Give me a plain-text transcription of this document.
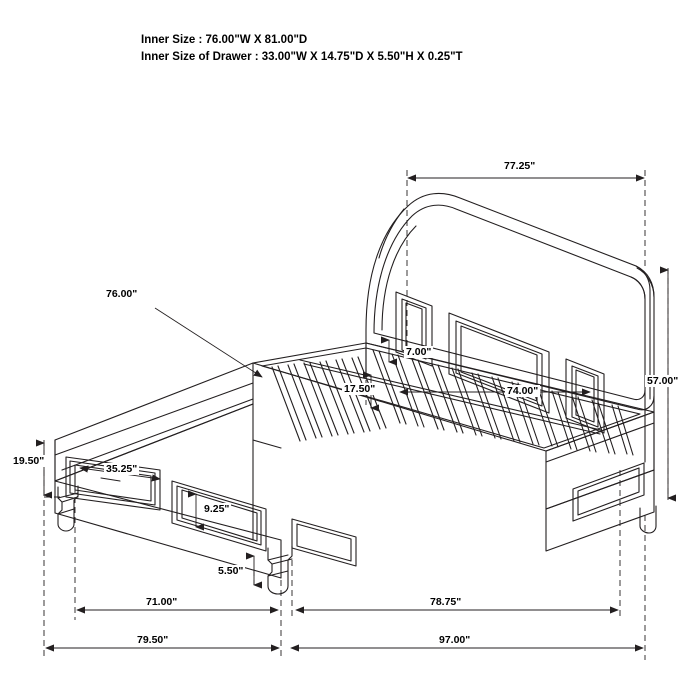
Inner Size : 76.00"W X 81.00"D
Inner Size of Drawer : 33.00"W X 14.75"D X 5.50"H X 0.25"T
77.25"
76.00"
7.00"
17.50"	74.00"
57.00"
19.50"
35.25"
9.25"
5.50"
71.00"	78.75"
79.50"	97.00"
